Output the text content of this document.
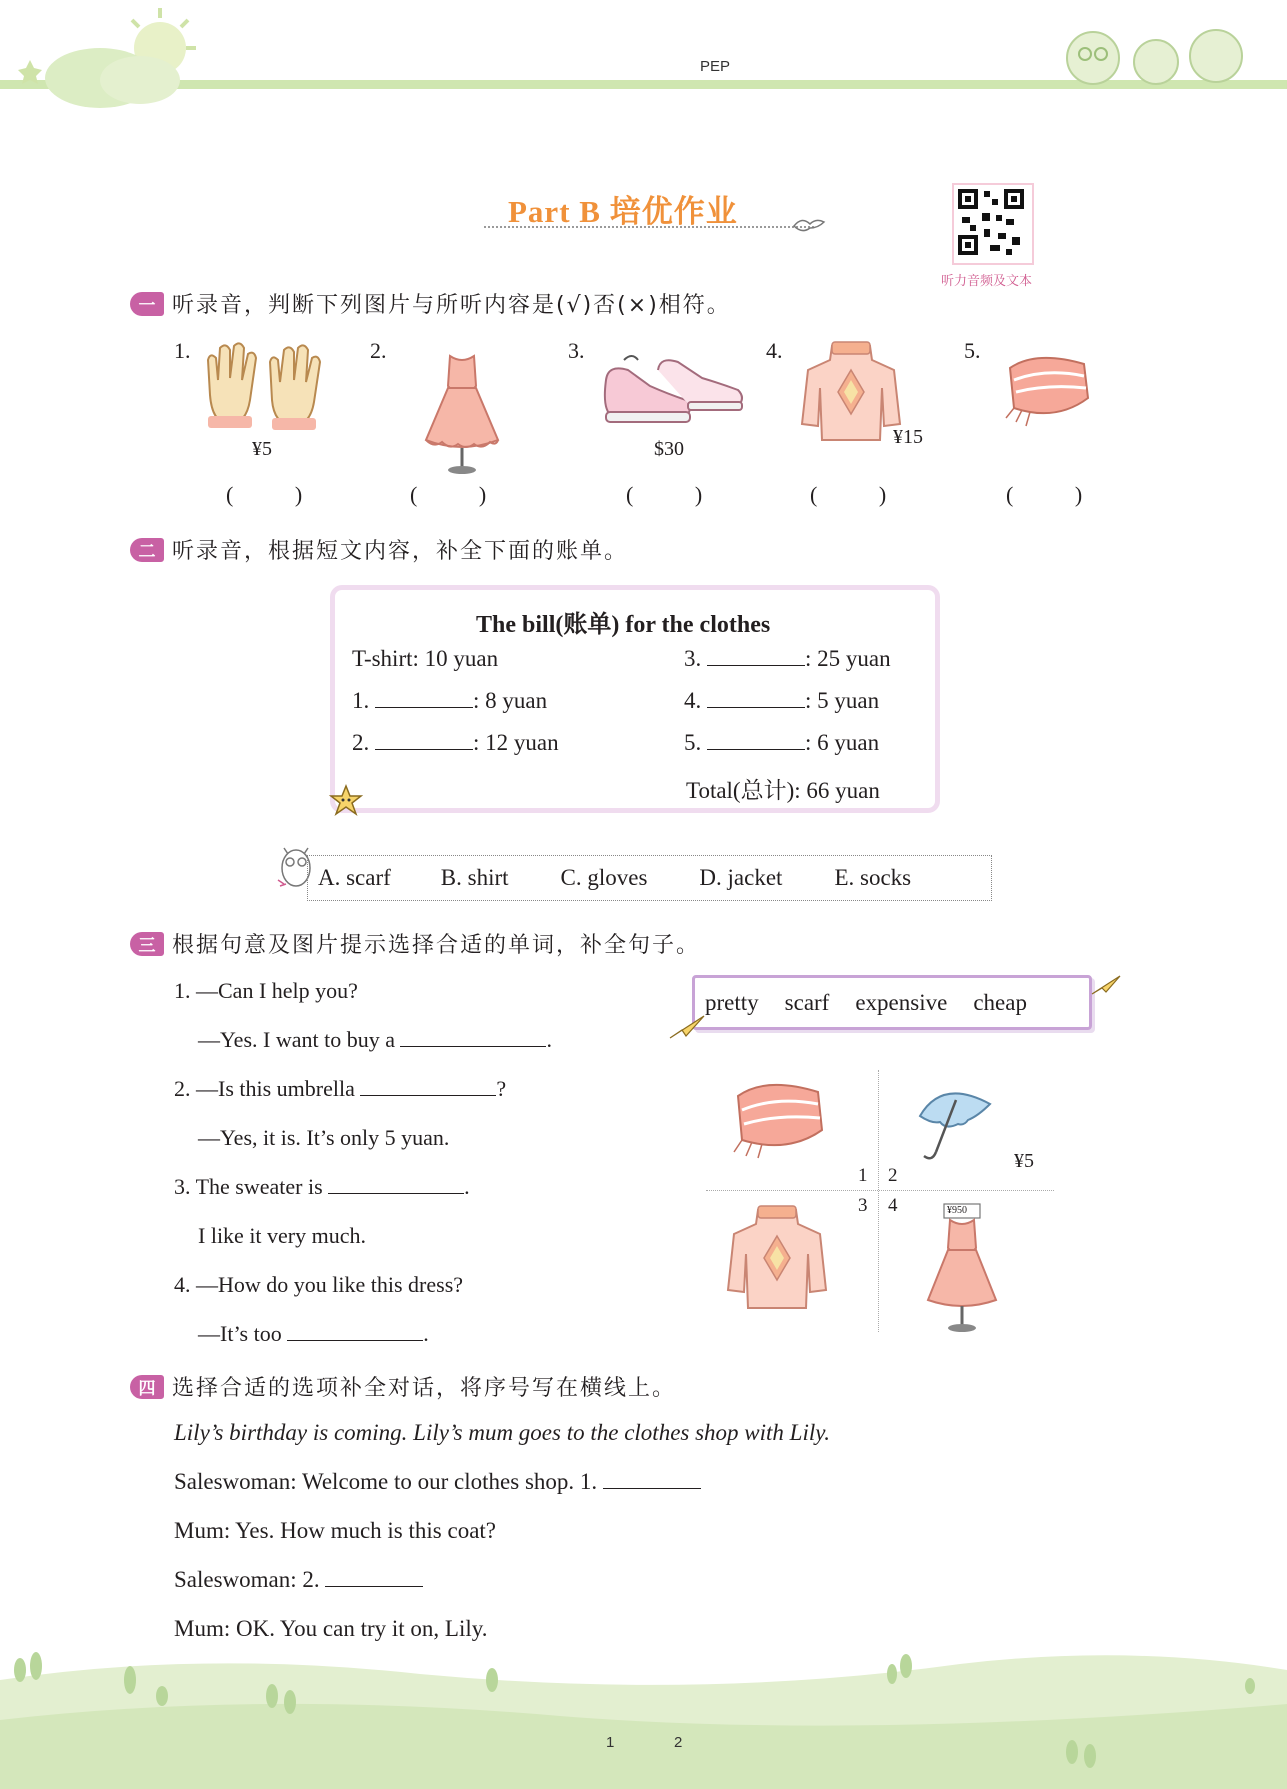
PEP
Part B 培优作业
听力音频及文本
一 听录音，判断下列图片与所听内容是(√)否(×)相符。
1.
¥5
( )
2.
( )
3.
$30
( )
4.
¥15
( )
5.
( )
二 听录音，根据短文内容，补全下面的账单。
The bill(账单) for the clothes
T-shirt: 10 yuan
1.	: 8 yuan
2.	: 12 yuan
3.	: 25 yuan
4.	: 5 yuan
5.	: 6 yuan
Total(总计): 66 yuan
A. scarf B. shirt C. gloves D. jacket E. socks
三 根据句意及图片提示选择合适的单词，补全句子。
1. —Can I help you?
—Yes. I want to buy a	.
2. —Is this umbrella	?
—Yes, it is. It’s only 5 yuan.
3. The sweater is	.
I like it very much.
4. —How do you like this dress?
—It’s too	.
pretty scarf expensive cheap
1 2
3 4
¥5
¥950
四 选择合适的选项补全对话，将序号写在横线上。
Lily’s birthday is coming. Lily’s mum goes to the clothes shop with Lily.
Saleswoman: Welcome to our clothes shop. 1.
Mum: Yes. How much is this coat?
Saleswoman: 2.
Mum: OK. You can try it on, Lily.
1	2
